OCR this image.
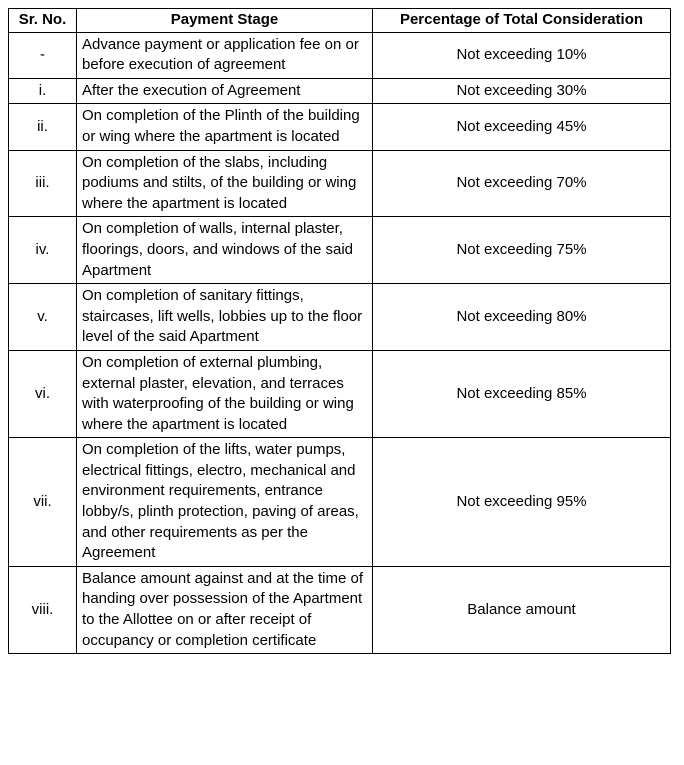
Sr. No.	Payment Stage	Percentage of Total Consideration
-	Advance payment or application fee on or before execution of agreement	Not exceeding 10%
i.	After the execution of Agreement	Not exceeding 30%
ii.	On completion of the Plinth of the building or wing where the apartment is located	Not exceeding 45%
iii.	On completion of the slabs, including podiums and stilts, of the building or wing where the apartment is located	Not exceeding 70%
iv.	On completion of walls, internal plaster, floorings, doors, and windows of the said Apartment	Not exceeding 75%
v.	On completion of sanitary fittings, staircases, lift wells, lobbies up to the floor level of the said Apartment	Not exceeding 80%
vi.	On completion of external plumbing, external plaster, elevation, and terraces with waterproofing of the building or wing where the apartment is located	Not exceeding 85%
vii.	On completion of the lifts, water pumps, electrical fittings, electro, mechanical and environment requirements, entrance lobby/s, plinth protection, paving of areas, and other requirements as per the Agreement	Not exceeding 95%
viii.	Balance amount against and at the time of handing over possession of the Apartment to the Allottee on or after receipt of occupancy or completion certificate	Balance amount
